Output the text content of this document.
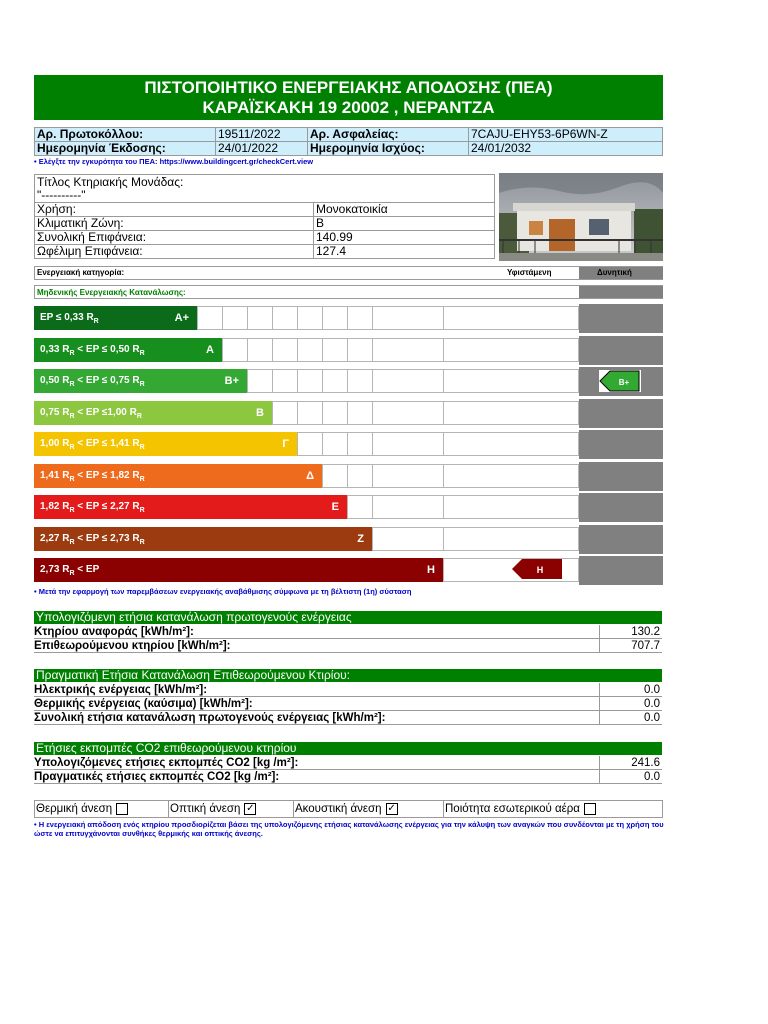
ΠΙΣΤΟΠΟΙΗΤΙΚΟ ΕΝΕΡΓΕΙΑΚΗΣ ΑΠΟΔΟΣΗΣ (ΠΕΑ)
ΚΑΡΑΪΣΚΑΚΗ 19 20002 , ΝΕΡΑΝΤΖΑ
Αρ. Πρωτοκόλλου:	19511/2022	Αρ. Ασφαλείας:	7CAJU-EHY53-6P6WN-Z
Ημερομηνία Έκδοσης:	24/01/2022	Ημερομηνία Ισχύος:	24/01/2032
• Ελέγξτε την εγκυρότητα του ΠΕΑ: https://www.buildingcert.gr/checkCert.view
Τίτλος Κτηριακής Μονάδας:	
"----------"	
Χρήση:	Μονοκατοικία
Κλιματική Ζώνη:	Β
Συνολική Επιφάνεια:	140.99
Ωφέλιμη Επιφάνεια:	127.4
Ενεργειακή κατηγορία:	Υφιστάμενη	Δυνητική
Μηδενικής Ενεργειακής Κατανάλωσης:
EP ≤ 0,33 $R_R$	A+
0,33 $R_R$ < EP ≤ 0,50 $R_R$	A
0,50 $R_R$ < EP ≤ 0,75 $R_R$	B+	B+
0,75 $R_R$ < EP ≤1,00 $R_R$	B
1,00 $R_R$ < EP ≤ 1,41 $R_R$	Γ
1,41 $R_R$ < EP ≤ 1,82 $R_R$	Δ
1,82 $R_R$ < EP ≤ 2,27 $R_R$	Ε
2,27 $R_R$ < EP ≤ 2,73 $R_R$	Ζ
2,73 $R_R$ < EP	Η	Η
• Μετά την εφαρμογή των παρεμβάσεων ενεργειακής αναβάθμισης σύμφωνα με τη βέλτιστη (1η) σύσταση
Υπολογιζόμενη ετήσια κατανάλωση πρωτογενούς ενέργειας
Κτηρίου αναφοράς [kWh/m²]:	130.2
Επιθεωρούμενου κτηρίου [kWh/m²]:	707.7
Πραγματική Ετήσια Κατανάλωση Επιθεωρούμενου Κτιρίου:
Ηλεκτρικής ενέργειας [kWh/m²]:	0.0
Θερμικής ενέργειας (καύσιμα) [kWh/m²]:	0.0
Συνολική ετήσια κατανάλωση πρωτογενούς ενέργειας [kWh/m²]:	0.0
Ετήσιες εκπομπές CO2 επιθεωρούμενου κτηρίου
Υπολογιζόμενες ετήσιες εκπομπές CO2 [kg /m²]:	241.6
Πραγματικές ετήσιες εκπομπές CO2 [kg /m²]:	0.0
Θερμική άνεση	Οπτική άνεση ✓	Ακουστική άνεση ✓	Ποιότητα εσωτερικού αέρα
• Η ενεργειακή απόδοση ενός κτηρίου προσδιορίζεται βάσει της υπολογιζόμενης ετήσιας κατανάλωσης ενέργειας για την κάλυψη των αναγκών που συνδέονται με τη χρήση του ώστε να επιτυγχάνονται συνθήκες θερμικής και οπτικής άνεσης.
